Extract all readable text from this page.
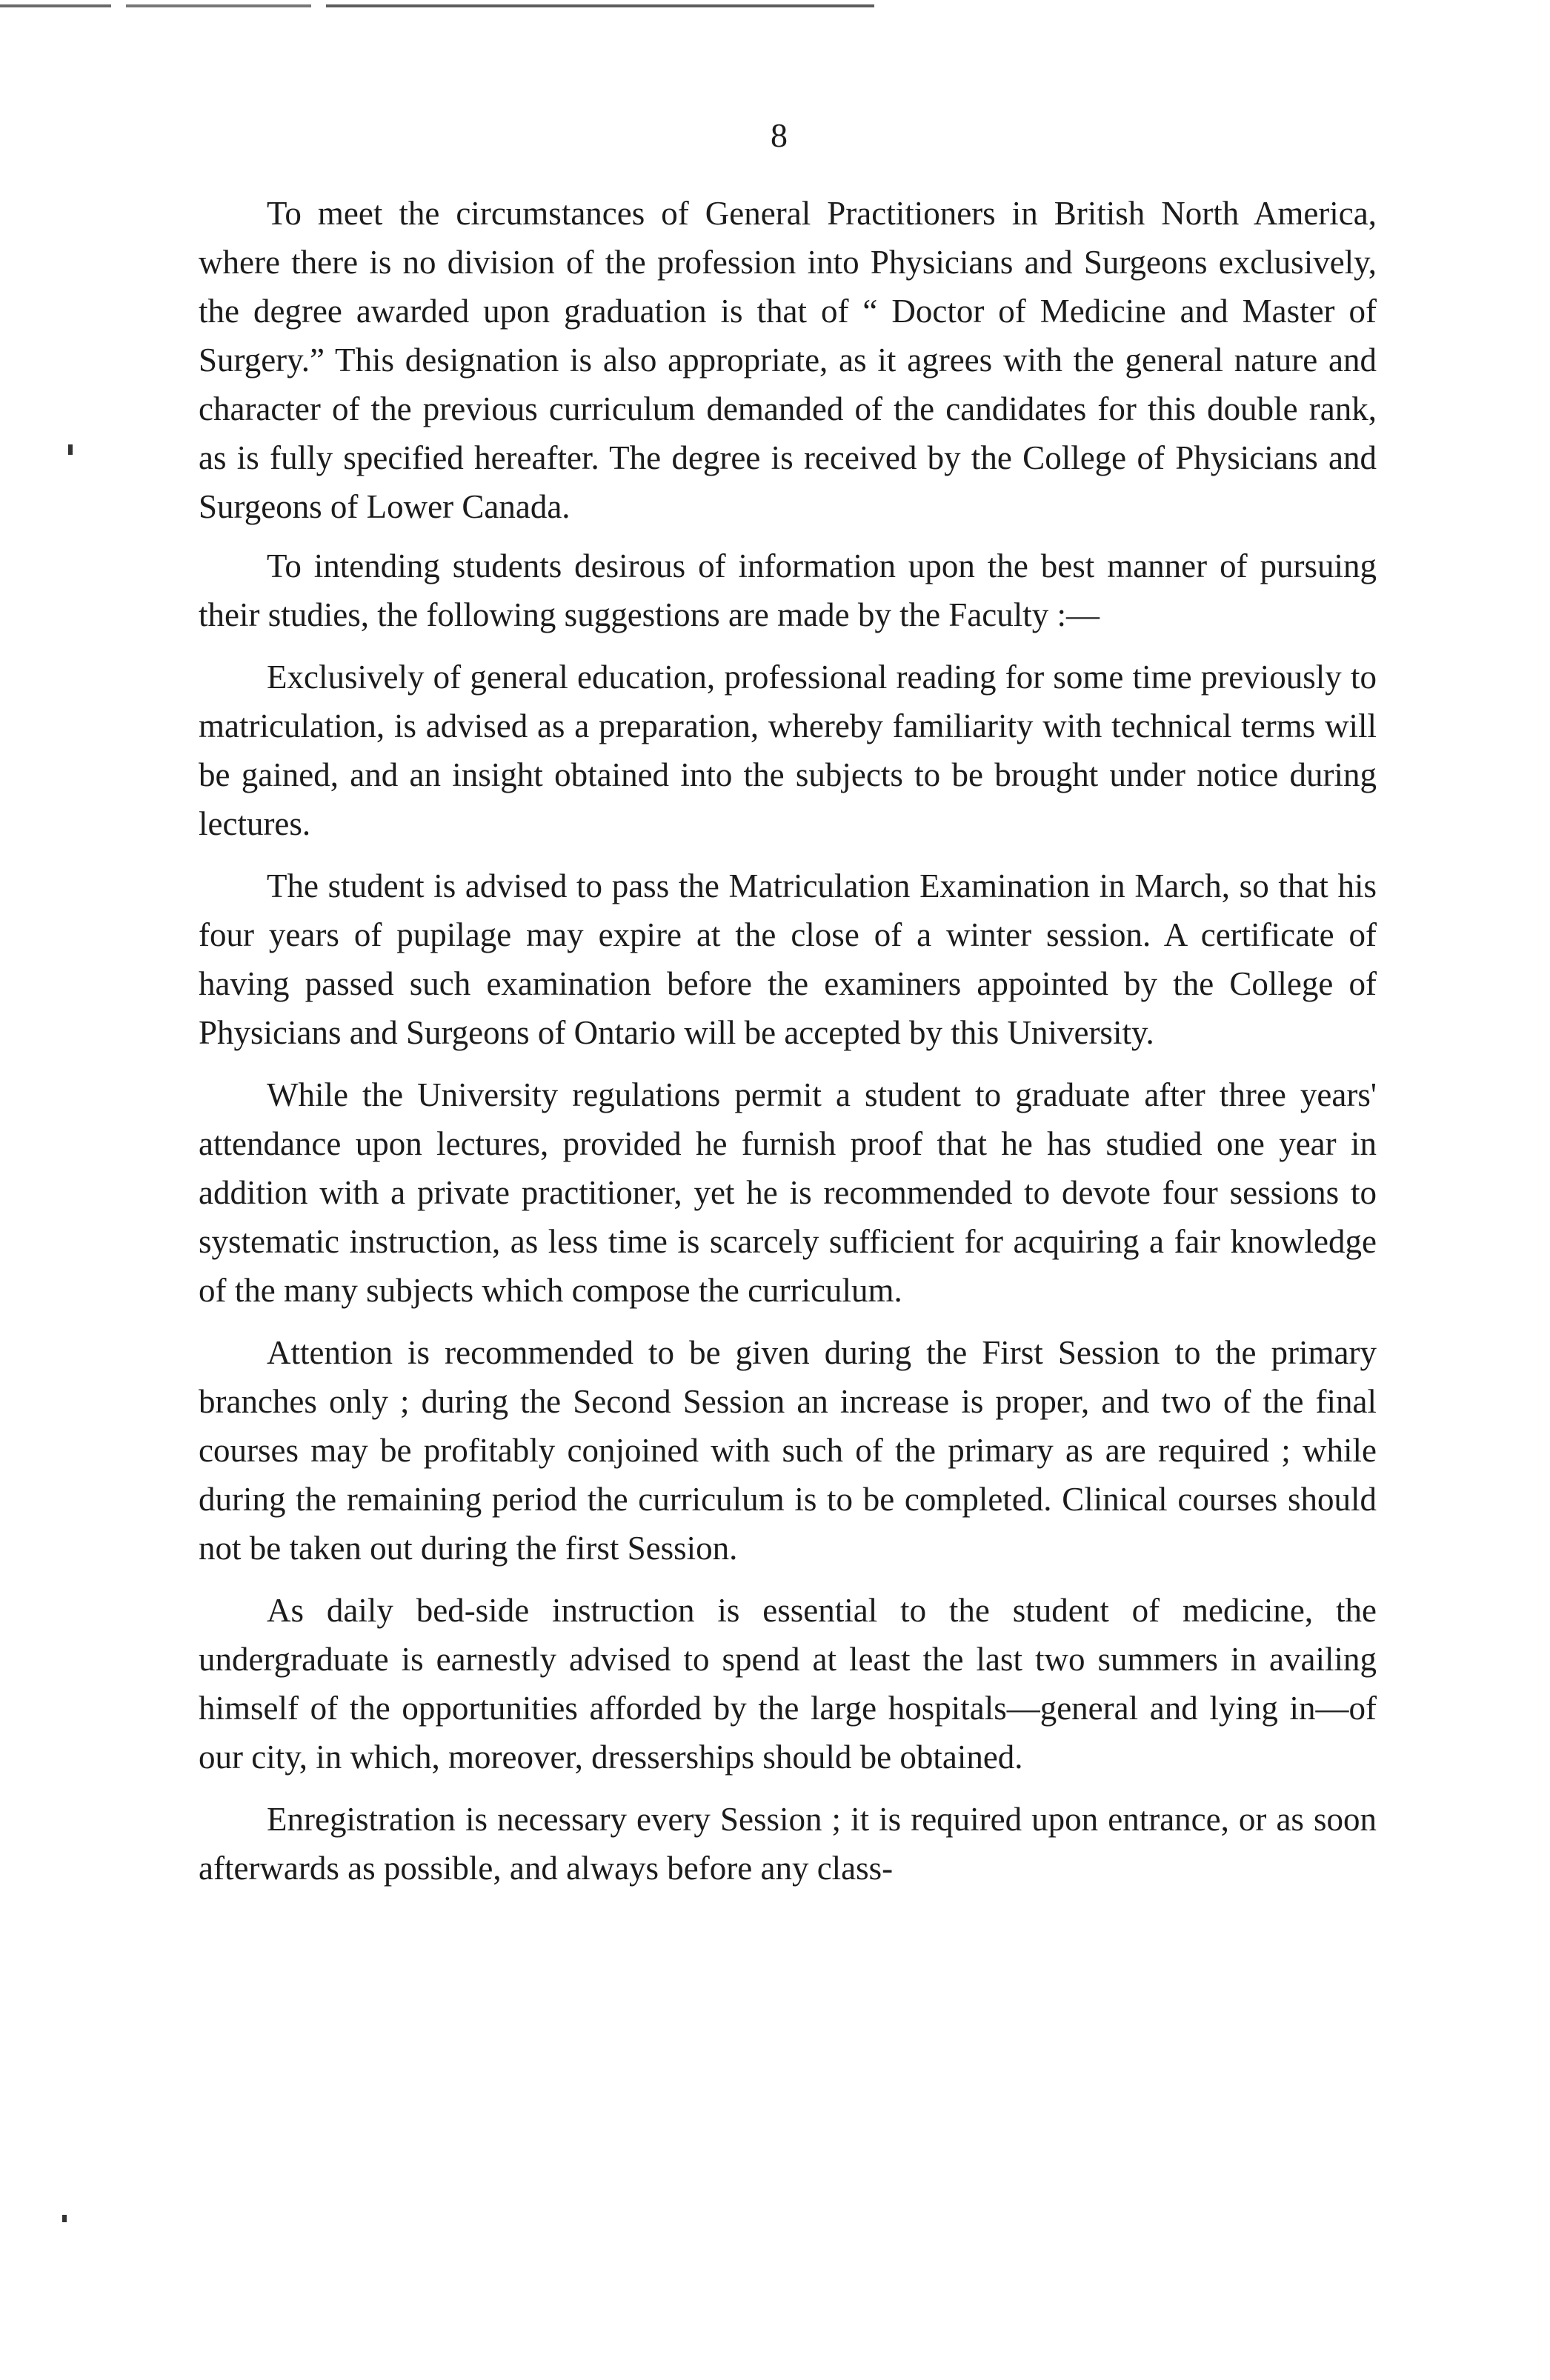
8

To meet the circumstances of General Practitioners in British North America, where there is no division of the profession into Physicians and Surgeons exclusively, the degree awarded upon graduation is that of “ Doctor of Medicine and Master of Surgery.” This designation is also appropriate, as it agrees with the general nature and character of the previous curriculum demanded of the candidates for this double rank, as is fully specified hereafter. The degree is received by the College of Physicians and Surgeons of Lower Canada.

To intending students desirous of information upon the best manner of pursuing their studies, the following suggestions are made by the Faculty :—

Exclusively of general education, professional reading for some time previously to matriculation, is advised as a preparation, whereby familiarity with technical terms will be gained, and an insight obtained into the subjects to be brought under notice during lectures.

The student is advised to pass the Matriculation Examination in March, so that his four years of pupilage may expire at the close of a winter session. A certificate of having passed such examination before the examiners appointed by the College of Physicians and Surgeons of Ontario will be accepted by this University.

While the University regulations permit a student to graduate after three years' attendance upon lectures, provided he furnish proof that he has studied one year in addition with a private practitioner, yet he is recommended to devote four sessions to systematic instruction, as less time is scarcely sufficient for acquiring a fair knowledge of the many subjects which compose the curriculum.

Attention is recommended to be given during the First Session to the primary branches only ; during the Second Session an increase is proper, and two of the final courses may be profitably conjoined with such of the primary as are required ; while during the remaining period the curriculum is to be completed. Clinical courses should not be taken out during the first Session.

As daily bed-side instruction is essential to the student of medicine, the undergraduate is earnestly advised to spend at least the last two summers in availing himself of the opportunities afforded by the large hospitals—general and lying in—of our city, in which, moreover, dresserships should be obtained.

Enregistration is necessary every Session ; it is required upon entrance, or as soon afterwards as possible, and always before any class-
